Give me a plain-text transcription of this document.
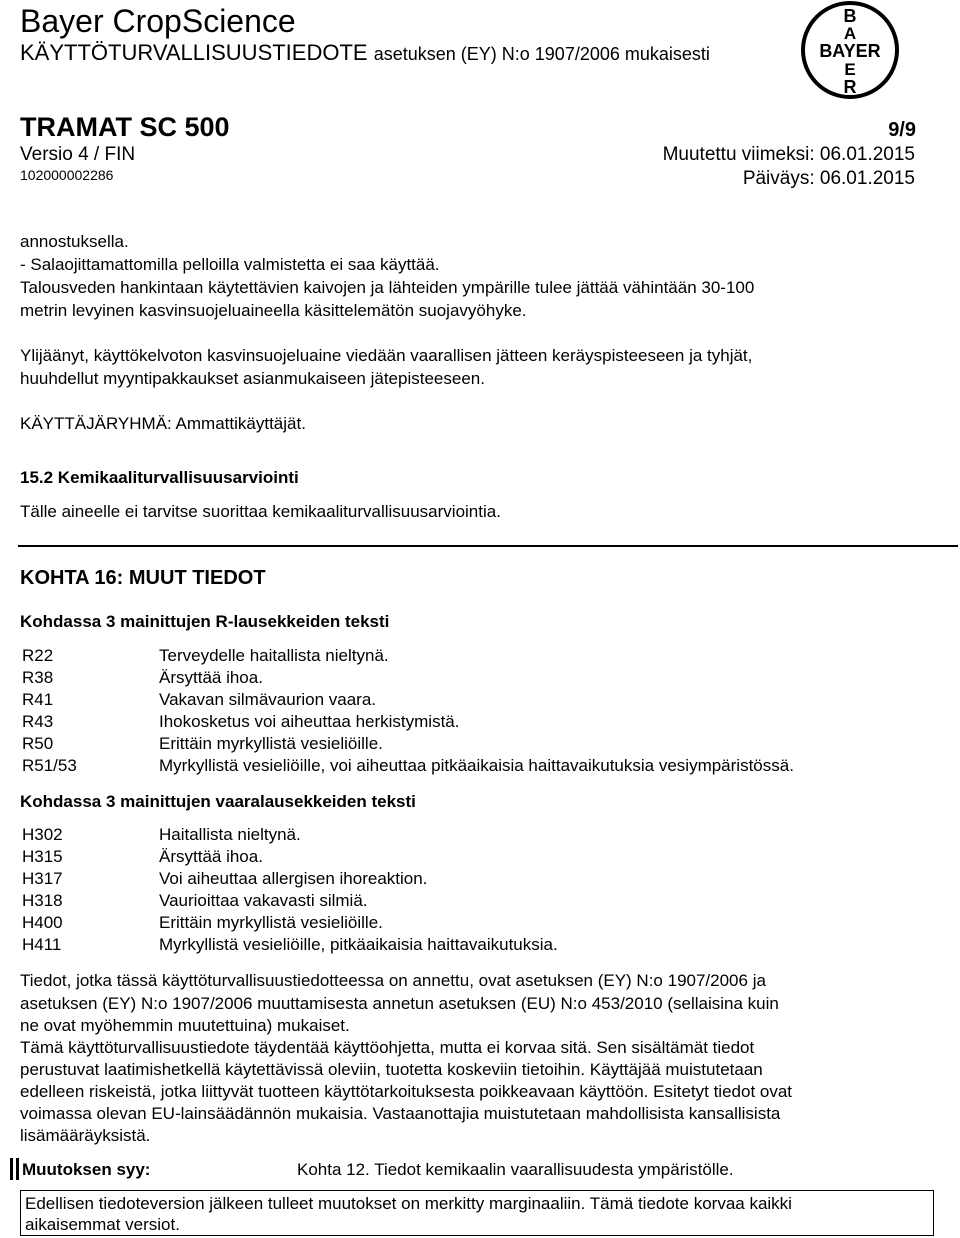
Bayer CropScience
KÄYTTÖTURVALLISUUSTIEDOTE asetuksen (EY) N:o 1907/2006 mukaisesti
B
A
BAYER
E
R
TRAMAT SC 500	9/9
Versio 4 / FIN
102000002286
Muutettu viimeksi: 06.01.2015
Päiväys: 06.01.2015
annostuksella.
- Salaojittamattomilla pelloilla valmistetta ei saa käyttää.
Talousveden hankintaan käytettävien kaivojen ja lähteiden ympärille tulee jättää vähintään 30-100
metrin levyinen kasvinsuojeluaineella käsittelemätön suojavyöhyke.
Ylijäänyt, käyttökelvoton kasvinsuojeluaine viedään vaarallisen jätteen keräyspisteeseen ja tyhjät,
huuhdellut myyntipakkaukset asianmukaiseen jätepisteeseen.
KÄYTTÄJÄRYHMÄ: Ammattikäyttäjät.
15.2 Kemikaaliturvallisuusarviointi
Tälle aineelle ei tarvitse suorittaa kemikaaliturvallisuusarviointia.
KOHTA 16: MUUT TIEDOT
Kohdassa 3 mainittujen R-lausekkeiden teksti
R22	Terveydelle haitallista nieltynä.
R38	Ärsyttää ihoa.
R41	Vakavan silmävaurion vaara.
R43	Ihokosketus voi aiheuttaa herkistymistä.
R50	Erittäin myrkyllistä vesieliöille.
R51/53	Myrkyllistä vesieliöille, voi aiheuttaa pitkäaikaisia haittavaikutuksia vesiympäristössä.
Kohdassa 3 mainittujen vaaralausekkeiden teksti
H302	Haitallista nieltynä.
H315	Ärsyttää ihoa.
H317	Voi aiheuttaa allergisen ihoreaktion.
H318	Vaurioittaa vakavasti silmiä.
H400	Erittäin myrkyllistä vesieliöille.
H411	Myrkyllistä vesieliöille, pitkäaikaisia haittavaikutuksia.
Tiedot, jotka tässä käyttöturvallisuustiedotteessa on annettu, ovat asetuksen (EY) N:o 1907/2006 ja
asetuksen (EY) N:o 1907/2006 muuttamisesta annetun asetuksen (EU) N:o 453/2010 (sellaisina kuin
ne ovat myöhemmin muutettuina) mukaiset.
Tämä käyttöturvallisuustiedote täydentää käyttöohjetta, mutta ei korvaa sitä. Sen sisältämät tiedot
perustuvat laatimishetkellä käytettävissä oleviin, tuotetta koskeviin tietoihin. Käyttäjää muistutetaan
edelleen riskeistä, jotka liittyvät tuotteen käyttötarkoituksesta poikkeavaan käyttöön. Esitetyt tiedot ovat
voimassa olevan EU-lainsäädännön mukaisia. Vastaanottajia muistutetaan mahdollisista kansallisista
lisämääräyksistä.
Muutoksen syy:	Kohta 12. Tiedot kemikaalin vaarallisuudesta ympäristölle.
Edellisen tiedoteversion jälkeen tulleet muutokset on merkitty marginaaliin. Tämä tiedote korvaa kaikki
aikaisemmat versiot.
